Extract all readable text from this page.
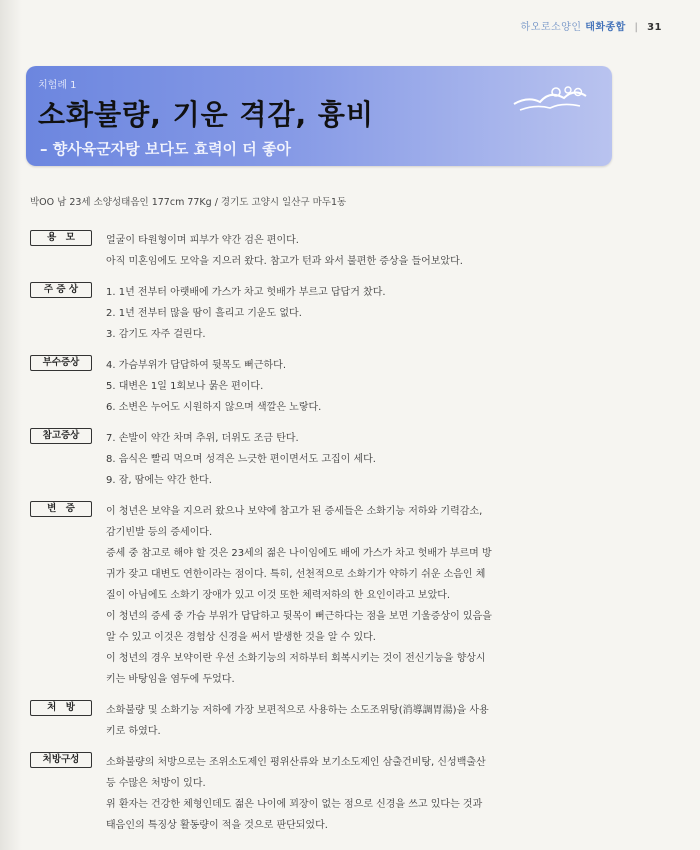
하오로소양인 태화종합 | 31
치험례 1
소화불량, 기운 격감, 흉비
– 향사육군자탕 보다도 효력이 더 좋아
박OO 남 23세 소양성태음인 177cm 77Kg / 경기도 고양시 일산구 마두1동
용　모	얼굴이 타원형이며 피부가 약간 검은 편이다.
아직 미혼임에도 모악을 지으러 왔다. 참고가 턴과 와서 불편한 증상을 들어보았다.
주 증 상	1. 1년 전부터 아랫배에 가스가 차고 헛배가 부르고 답답거 찼다.
2. 1년 전부터 많을 땀이 흘리고 기운도 없다.
3. 감기도 자주 걸린다.
부수증상	4. 가슴부위가 답답하여 뒷목도 뻐근하다.
5. 대변은 1일 1회보나 묽은 편이다.
6. 소변은 누어도 시원하지 않으며 색깔은 노랗다.
참고증상	7. 손발이 약간 차며 추위, 더위도 조금 탄다.
8. 음식은 빨리 먹으며 성격은 느긋한 편이면서도 고집이 세다.
9. 잠, 땀에는 약간 한다.
변　증	이 청년은 보약을 지으러 왔으나 보약에 참고가 된 증세들은 소화기능 저하와 기력감소,
감기빈발 등의 증세이다.
증세 중 참고로 해야 할 것은 23세의 젊은 나이임에도 배에 가스가 차고 헛배가 부르며 방
귀가 잦고 대변도 연한이라는 점이다. 특히, 선천적으로 소화기가 약하기 쉬운 소음인 체
질이 아님에도 소화기 장애가 있고 이것 또한 체력저하의 한 요인이라고 보았다.
이 청년의 증세 중 가슴 부위가 답답하고 뒷목이 뻐근하다는 점을 보면 기울증상이 있음을
알 수 있고 이것은 경험상 신경을 써서 발생한 것을 알 수 있다.
이 청년의 경우 보약이란 우선 소화기능의 저하부터 회복시키는 것이 전신기능을 향상시
키는 바탕임을 염두에 두었다.
처　방	소화불량 및 소화기능 저하에 가장 보편적으로 사용하는 소도조위탕(消導調胃湯)을 사용
키로 하였다.
처방구성	소화불량의 처방으로는 조위소도제인 평위산류와 보기소도제인 삼출건비탕, 신성백출산
등 수많은 처방이 있다.
위 환자는 건강한 체형인데도 젊은 나이에 꾀장이 없는 점으로 신경을 쓰고 있다는 것과
태음인의 특징상 활동량이 적을 것으로 판단되었다.
